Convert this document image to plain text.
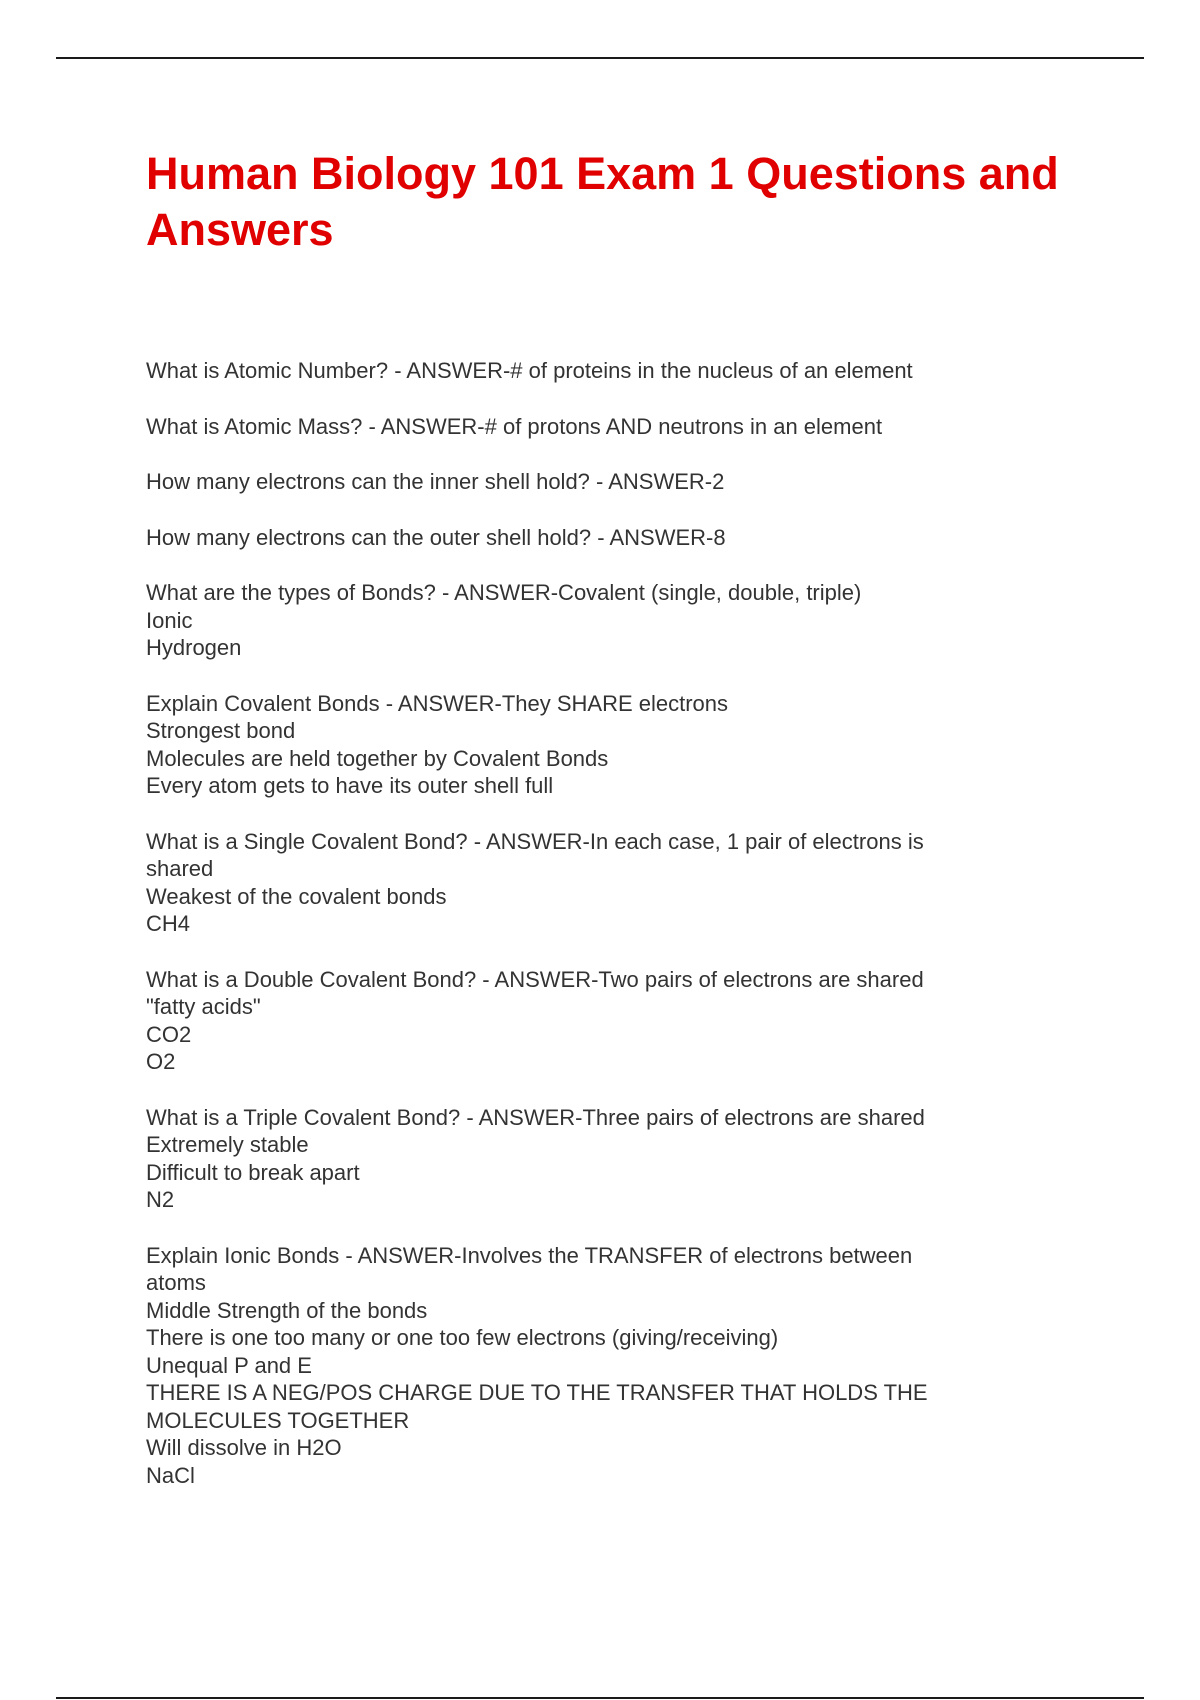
Human Biology 101 Exam 1 Questions and Answers
What is Atomic Number? - ANSWER-# of proteins in the nucleus of an element
What is Atomic Mass? - ANSWER-# of protons AND neutrons in an element
How many electrons can the inner shell hold? - ANSWER-2
How many electrons can the outer shell hold? - ANSWER-8
What are the types of Bonds? - ANSWER-Covalent (single, double, triple)
Ionic
Hydrogen
Explain Covalent Bonds - ANSWER-They SHARE electrons
Strongest bond
Molecules are held together by Covalent Bonds
Every atom gets to have its outer shell full
What is a Single Covalent Bond? - ANSWER-In each case, 1 pair of electrons is
shared
Weakest of the covalent bonds
CH4
What is a Double Covalent Bond? - ANSWER-Two pairs of electrons are shared
"fatty acids"
CO2
O2
What is a Triple Covalent Bond? - ANSWER-Three pairs of electrons are shared
Extremely stable
Difficult to break apart
N2
Explain Ionic Bonds - ANSWER-Involves the TRANSFER of electrons between
atoms
Middle Strength of the bonds
There is one too many or one too few electrons (giving/receiving)
Unequal P and E
THERE IS A NEG/POS CHARGE DUE TO THE TRANSFER THAT HOLDS THE
MOLECULES TOGETHER
Will dissolve in H2O
NaCl
